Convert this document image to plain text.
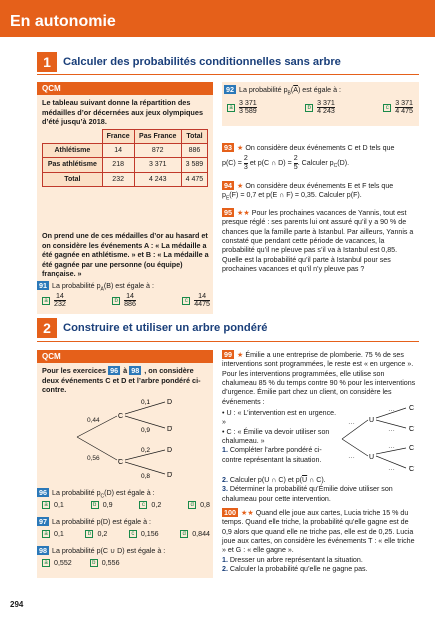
En autonomie
1	Calculer des probabilités conditionnelles sans arbre
QCM
Le tableau suivant donne la répartition des médailles d’or décernées aux jeux olympiques d’été jusqu’à 2018.
	France	Pas France	Total
Athlétisme	14	872	886
Pas athlétisme	218	3 371	3 589
Total	232	4 243	4 475
On prend une de ces médailles d’or au hasard et on considère les événements A : « La médaille a été gagnée en athlétisme. » et B : « La médaille a été gagnée par une personne (ou équipe) française. »
91 La probabilité $p_A(B)$ est égale à :
a $\frac{14}{232}$	b $\frac{14}{886}$	c $\frac{14}{4475}$
92 La probabilité $p_B(\overline{A})$ est égale à :
a $\frac{3 371}{3 589}$	b $\frac{3 371}{4 243}$	c $\frac{3 371}{4 475}$
93 ★ On considère deux événements C et D tels que
$p(C) = \frac{2}{3}$ et p(C ∩ $D) = \frac{2}{5}$ . Calculer $p_C(D)$.
94 ★ On considère deux événements E et F tels que
$p_E(F) = 0,7$ et p(E ∩ F) = 0,35. Calculer p(F).
95 ★★ Pour les prochaines vacances de Yannis, tout est presque réglé : ses parents lui ont assuré qu’il y a 90 % de chances que la famille parte à Istanbul. Par ailleurs, Yannis a constaté que pendant cette période de vacances, la probabilité qu’il ne pleuve pas s’il va à Istanbul est 0,85. Quelle est la probabilité qu’il parte à Istanbul pour ses prochaines vacances et qu’il n’y pleuve pas ?
2	Construire et utiliser un arbre pondéré
QCM
Pour les exercices 96 à 98 , on considère deux événements C et D et l’arbre pondéré ci-contre.
0,44
0,56
C
C
0,1
0,9
0,2
0,8
D
D
D
D
96 La probabilité $p_C(D)$ est égale à :
a 0,1	b 0,9	c 0,2	d 0,8
97 La probabilité p(D) est égale à :
a 0,1	b 0,2	c 0,156	d 0,844
98 La probabilité p(C ∪ D) est égale à :
a 0,552	b 0,556
99 ★ Émilie a une entreprise de plomberie. 75 % de ses interventions sont programmées, le reste est « en urgence ». Pour les interventions programmées, elle utilise son chalumeau 85 % du temps contre 90 % pour les interventions d’urgence. Émilie part chez un client, on considère les événements :
• U : « L’intervention est en urgence. »
• C : « Émilie va devoir utiliser son chalumeau. »
1. Compléter l’arbre pondéré ci-contre représentant la situation.
U
U
C
C
C
C
…
…
…
…
…
…
2. Calculer p(U ∩ C) et $p(\overline{U}$ ∩ C).
3. Déterminer la probabilité qu’Émilie doive utiliser son chalumeau pour cette intervention.
100 ★★ Quand elle joue aux cartes, Lucia triche 15 % du temps. Quand elle triche, la probabilité qu’elle gagne est de 0,9 alors que quand elle ne triche pas, elle est de 0,25. Lucia joue aux cartes, on considère les événements T : « elle triche » et G : « elle gagne ».
1. Dresser un arbre représentant la situation.
2. Calculer la probabilité qu’elle ne gagne pas.
294
